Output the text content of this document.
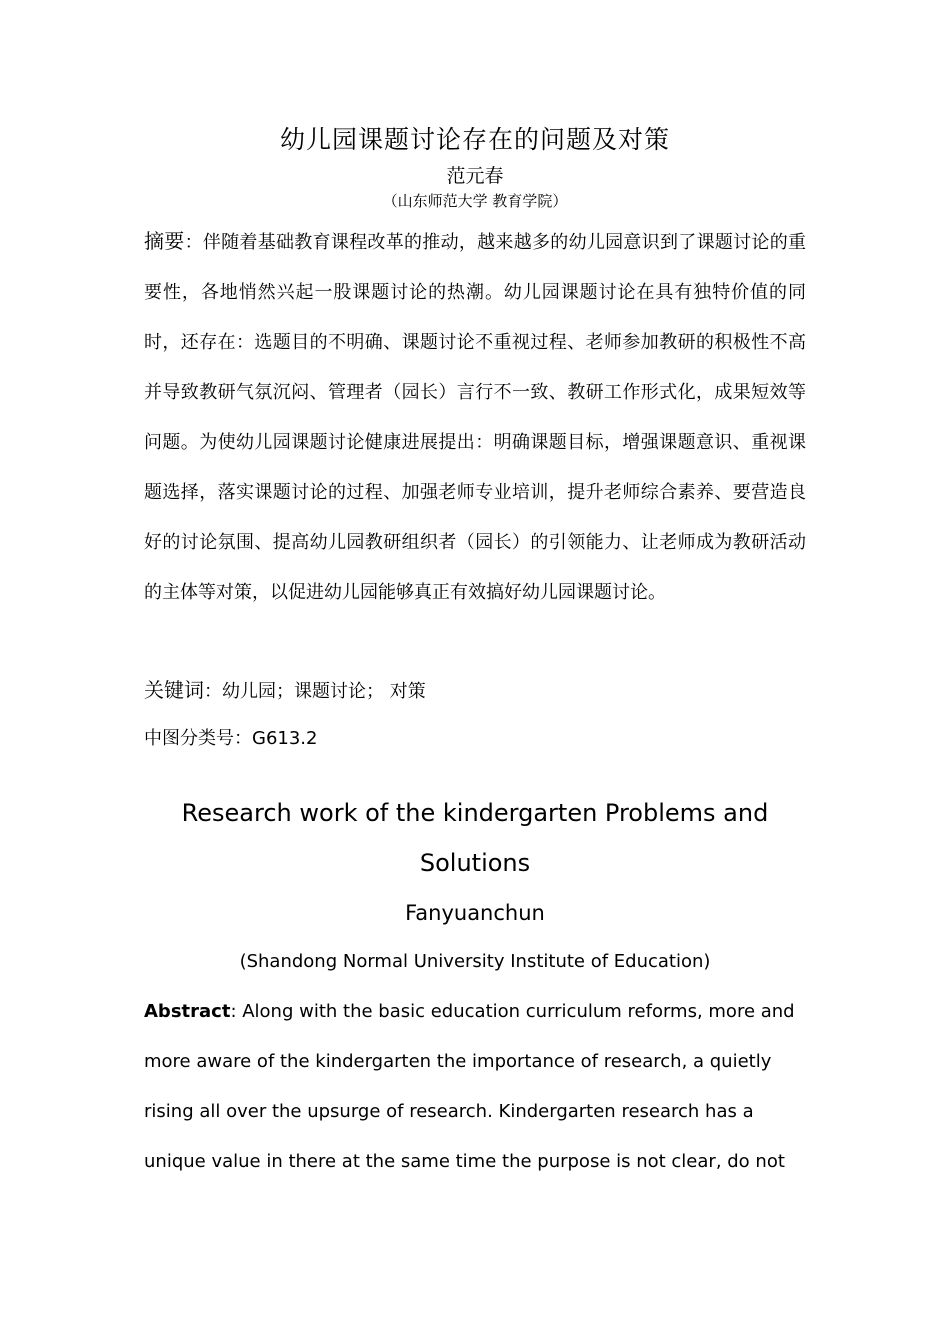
幼儿园课题讨论存在的问题及对策
范元春
（山东师范大学 教育学院）
摘要：伴随着基础教育课程改革的推动，越来越多的幼儿园意识到了课题讨论的重要性，各地悄然兴起一股课题讨论的热潮。幼儿园课题讨论在具有独特价值的同时，还存在：选题目的不明确、课题讨论不重视过程、老师参加教研的积极性不高并导致教研气氛沉闷、管理者（园长）言行不一致、教研工作形式化，成果短效等问题。为使幼儿园课题讨论健康进展提出：明确课题目标，增强课题意识、重视课题选择，落实课题讨论的过程、加强老师专业培训，提升老师综合素养、要营造良好的讨论氛围、提高幼儿园教研组织者（园长）的引领能力、让老师成为教研活动的主体等对策，以促进幼儿园能够真正有效搞好幼儿园课题讨论。
关键词：幼儿园；课题讨论； 对策
中图分类号：G613.2
Research work of the kindergarten Problems and Solutions
Fanyuanchun
(Shandong Normal University Institute of Education)
Abstract: Along with the basic education curriculum reforms, more and more aware of the kindergarten the importance of research, a quietly rising all over the upsurge of research. Kindergarten research has a unique value in there at the same time the purpose is not clear, do not
